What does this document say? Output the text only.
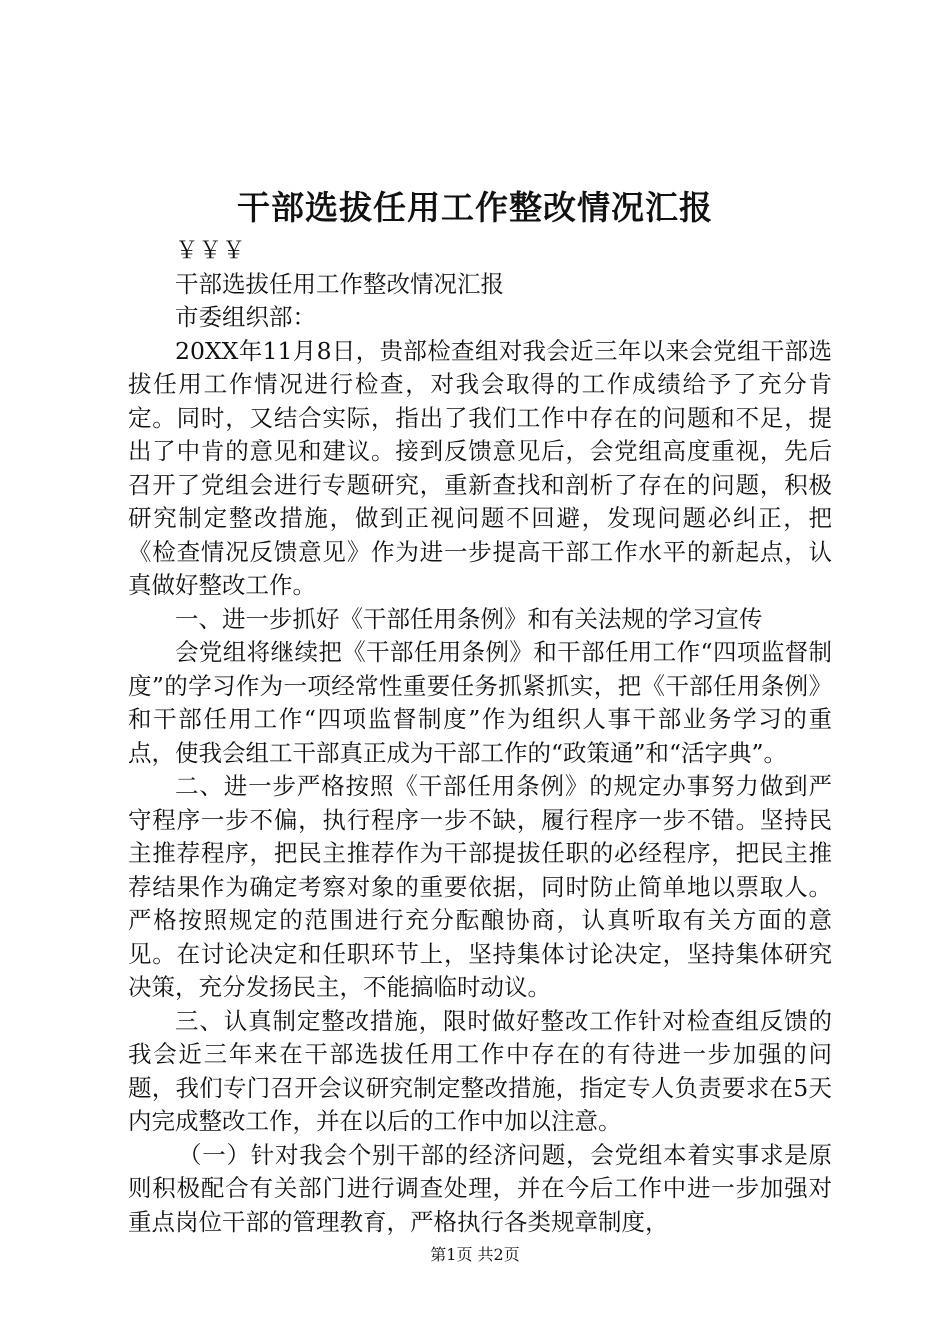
干部选拔任用工作整改情况汇报

￥￥￥

干部选拔任用工作整改情况汇报

市委组织部：

20XX年11月8日，贵部检查组对我会近三年以来会党组干部选拔任用工作情况进行检查，对我会取得的工作成绩给予了充分肯定。同时，又结合实际，指出了我们工作中存在的问题和不足，提出了中肯的意见和建议。接到反馈意见后，会党组高度重视，先后召开了党组会进行专题研究，重新查找和剖析了存在的问题，积极研究制定整改措施，做到正视问题不回避，发现问题必纠正，把《检查情况反馈意见》作为进一步提高干部工作水平的新起点，认真做好整改工作。

一、进一步抓好《干部任用条例》和有关法规的学习宣传

会党组将继续把《干部任用条例》和干部任用工作“四项监督制度”的学习作为一项经常性重要任务抓紧抓实，把《干部任用条例》和干部任用工作“四项监督制度”作为组织人事干部业务学习的重点，使我会组工干部真正成为干部工作的“政策通”和“活字典”。

二、进一步严格按照《干部任用条例》的规定办事努力做到严守程序一步不偏，执行程序一步不缺，履行程序一步不错。坚持民主推荐程序，把民主推荐作为干部提拔任职的必经程序，把民主推荐结果作为确定考察对象的重要依据，同时防止简单地以票取人。严格按照规定的范围进行充分酝酿协商，认真听取有关方面的意见。在讨论决定和任职环节上，坚持集体讨论决定，坚持集体研究决策，充分发扬民主，不能搞临时动议。

三、认真制定整改措施，限时做好整改工作针对检查组反馈的我会近三年来在干部选拔任用工作中存在的有待进一步加强的问题，我们专门召开会议研究制定整改措施，指定专人负责要求在5天内完成整改工作，并在以后的工作中加以注意。

（一）针对我会个别干部的经济问题，会党组本着实事求是原则积极配合有关部门进行调查处理，并在今后工作中进一步加强对重点岗位干部的管理教育，严格执行各类规章制度，

第1页 共2页
